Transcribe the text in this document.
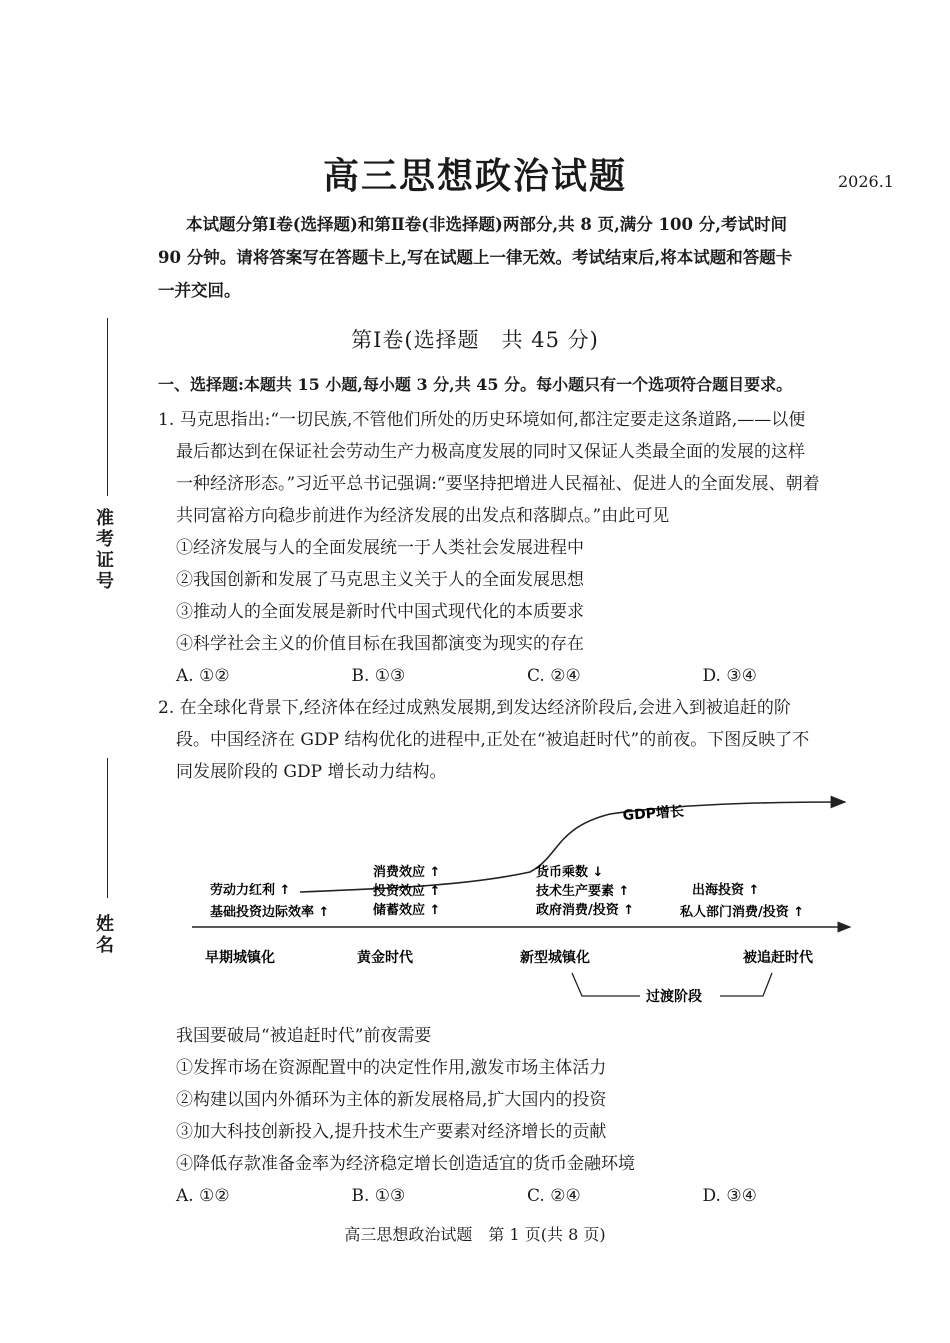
准考证号
姓名
高三思想政治试题	2026.1

本试题分第Ⅰ卷(选择题)和第Ⅱ卷(非选择题)两部分,共 8 页,满分 100 分,考试时间

90 分钟。请将答案写在答题卡上,写在试题上一律无效。考试结束后,将本试题和答题卡

一并交回。

第Ⅰ卷(选择题　共 45 分)
一、选择题:本题共 15 小题,每小题 3 分,共 45 分。每小题只有一个选项符合题目要求。

1. 马克思指出:“一切民族,不管他们所处的历史环境如何,都注定要走这条道路,——以便

最后都达到在保证社会劳动生产力极高度发展的同时又保证人类最全面的发展的这样

一种经济形态。”习近平总书记强调:“要坚持把增进人民福祉、促进人的全面发展、朝着

共同富裕方向稳步前进作为经济发展的出发点和落脚点。”由此可见

①经济发展与人的全面发展统一于人类社会发展进程中

②我国创新和发展了马克思主义关于人的全面发展思想

③推动人的全面发展是新时代中国式现代化的本质要求

④科学社会主义的价值目标在我国都演变为现实的存在

A. ①②	B. ①③	C. ②④	D. ③④

2. 在全球化背景下,经济体在经过成熟发展期,到发达经济阶段后,会进入到被追赶的阶

段。中国经济在 GDP 结构优化的进程中,正处在“被追赶时代”的前夜。下图反映了不

同发展阶段的 GDP 增长动力结构。

GDP增长
劳动力红利 ↑
基础投资边际效率 ↑
消费效应 ↑
投资效应 ↑
储蓄效应 ↑
货币乘数 ↓
技术生产要素 ↑
政府消费/投资 ↑
出海投资 ↑
私人部门消费/投资 ↑
早期城镇化	黄金时代	新型城镇化	被追赶时代
过渡阶段

我国要破局“被追赶时代”前夜需要

①发挥市场在资源配置中的决定性作用,激发市场主体活力

②构建以国内外循环为主体的新发展格局,扩大国内的投资

③加大科技创新投入,提升技术生产要素对经济增长的贡献

④降低存款准备金率为经济稳定增长创造适宜的货币金融环境

A. ①②	B. ①③	C. ②④	D. ③④
高三思想政治试题　第 1 页(共 8 页)
